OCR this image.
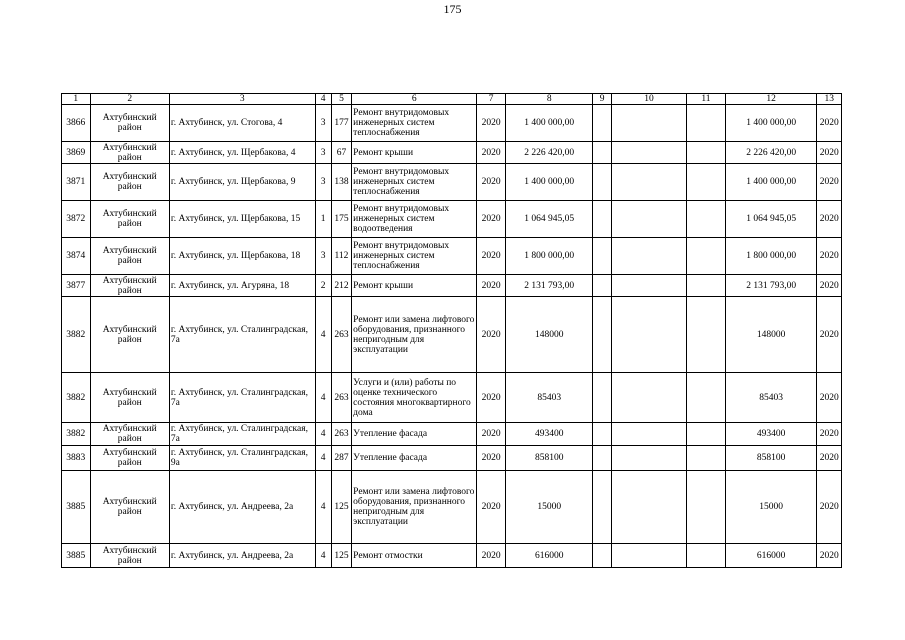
175
1	2	3	4	5	6	7	8	9	10	11	12	13
3866	Ахтубинский район	г. Ахтубинск, ул. Стогова, 4	3	177	Ремонт внутридомовых инженерных систем теплоснабжения	2020	1 400 000,00				1 400 000,00	2020
3869	Ахтубинский район	г. Ахтубинск, ул. Щербакова, 4	3	67	Ремонт крыши	2020	2 226 420,00				2 226 420,00	2020
3871	Ахтубинский район	г. Ахтубинск, ул. Щербакова, 9	3	138	Ремонт внутридомовых инженерных систем теплоснабжения	2020	1 400 000,00				1 400 000,00	2020
3872	Ахтубинский район	г. Ахтубинск, ул. Щербакова, 15	1	175	Ремонт внутридомовых инженерных систем водоотведения	2020	1 064 945,05				1 064 945,05	2020
3874	Ахтубинский район	г. Ахтубинск, ул. Щербакова, 18	3	112	Ремонт внутридомовых инженерных систем теплоснабжения	2020	1 800 000,00				1 800 000,00	2020
3877	Ахтубинский район	г. Ахтубинск, ул. Агуряна, 18	2	212	Ремонт крыши	2020	2 131 793,00				2 131 793,00	2020
3882	Ахтубинский район	г. Ахтубинск, ул. Сталинградская, 7а	4	263	Ремонт или замена лифтового оборудования, признанного непригодным для эксплуатации	2020	148000				148000	2020
3882	Ахтубинский район	г. Ахтубинск, ул. Сталинградская, 7а	4	263	Услуги и (или) работы по оценке технического состояния многоквартирного дома	2020	85403				85403	2020
3882	Ахтубинский район	г. Ахтубинск, ул. Сталинградская, 7а	4	263	Утепление фасада	2020	493400				493400	2020
3883	Ахтубинский район	г. Ахтубинск, ул. Сталинградская, 9а	4	287	Утепление фасада	2020	858100				858100	2020
3885	Ахтубинский район	г. Ахтубинск, ул. Андреева, 2а	4	125	Ремонт или замена лифтового оборудования, признанного непригодным для эксплуатации	2020	15000				15000	2020
3885	Ахтубинский район	г. Ахтубинск, ул. Андреева, 2а	4	125	Ремонт отмостки	2020	616000				616000	2020
